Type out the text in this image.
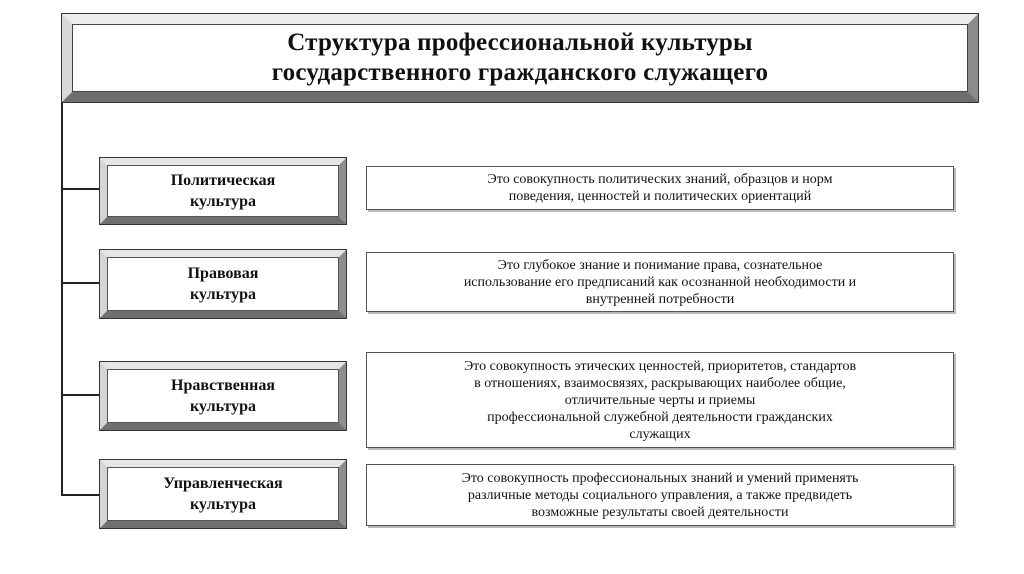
Структура профессиональной культуры
государственного гражданского служащего
Политическая
культура
Это совокупность политических знаний, образцов и норм
поведения, ценностей и политических ориентаций
Правовая
культура
Это глубокое знание и понимание права, сознательное
использование его предписаний как осознанной необходимости и
внутренней потребности
Нравственная
культура
Это совокупность этических ценностей, приоритетов, стандартов
в отношениях, взаимосвязях, раскрывающих наиболее общие,
отличительные черты и приемы
профессиональной служебной деятельности гражданских
служащих
Управленческая
культура
Это совокупность профессиональных знаний и умений применять
различные методы социального управления, а также предвидеть
возможные результаты своей деятельности
